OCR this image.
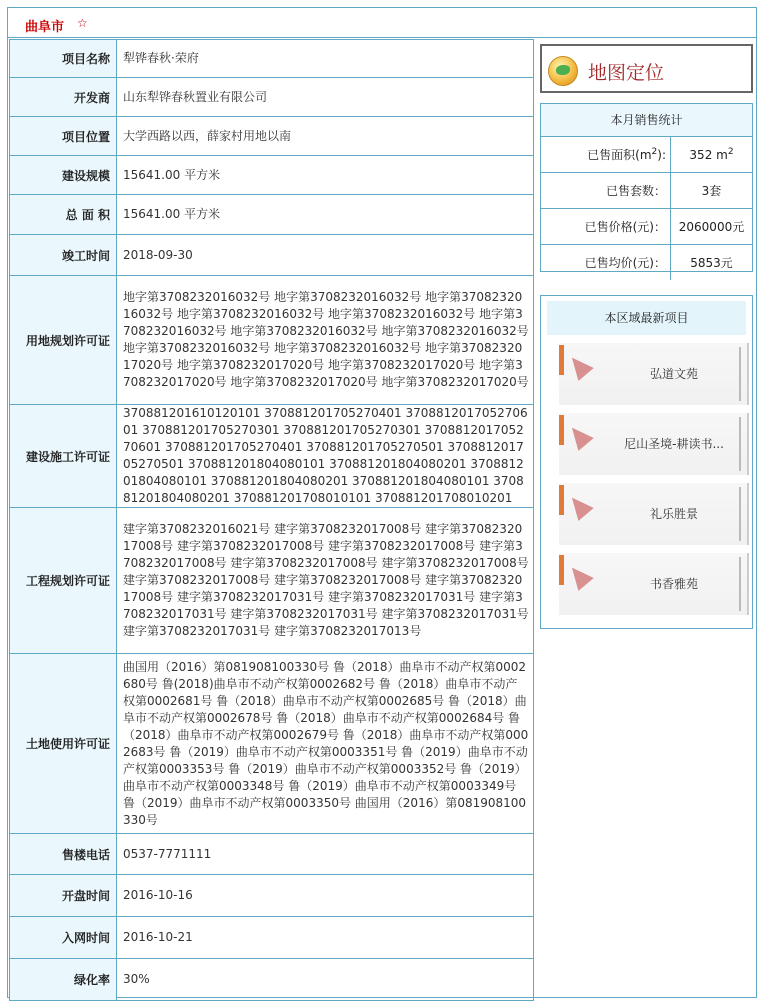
曲阜市 ☆
项目名称	犁铧春秋·荣府
开发商	山东犁铧春秋置业有限公司
项目位置	大学西路以西，薛家村用地以南
建设规模	15641.00 平方米
总 面 积	15641.00 平方米
竣工时间	2018-09-30
用地规划许可证	地字第3708232016032号 地字第3708232016032号 地字第3708232016032号 地字第3708232016032号 地字第3708232016032号 地字第3708232016032号 地字第3708232016032号 地字第3708232016032号 地字第3708232016032号 地字第3708232016032号 地字第3708232017020号 地字第3708232017020号 地字第3708232017020号 地字第3708232017020号 地字第3708232017020号 地字第3708232017020号
建设施工许可证	370881201610120101 370881201705270401 370881201705270601 370881201705270301 370881201705270301 370881201705270601 370881201705270401 370881201705270501 370881201705270501 370881201804080101 370881201804080201 370881201804080101 370881201804080201 370881201804080101 370881201804080201 370881201708010101 370881201708010201
工程规划许可证	建字第3708232016021号 建字第3708232017008号 建字第3708232017008号 建字第3708232017008号 建字第3708232017008号 建字第3708232017008号 建字第3708232017008号 建字第3708232017008号 建字第3708232017008号 建字第3708232017008号 建字第3708232017008号 建字第3708232017031号 建字第3708232017031号 建字第3708232017031号 建字第3708232017031号 建字第3708232017031号 建字第3708232017031号 建字第3708232017013号
土地使用许可证	曲国用（2016）第081908100330号 鲁（2018）曲阜市不动产权第0002680号 鲁(2018)曲阜市不动产权第0002682号 鲁（2018）曲阜市不动产权第0002681号 鲁（2018）曲阜市不动产权第0002685号 鲁（2018）曲阜市不动产权第0002678号 鲁（2018）曲阜市不动产权第0002684号 鲁（2018）曲阜市不动产权第0002679号 鲁（2018）曲阜市不动产权第0002683号 鲁（2019）曲阜市不动产权第0003351号 鲁（2019）曲阜市不动产权第0003353号 鲁（2019）曲阜市不动产权第0003352号 鲁（2019）曲阜市不动产权第0003348号 鲁（2019）曲阜市不动产权第0003349号 鲁（2019）曲阜市不动产权第0003350号 曲国用（2016）第081908100330号
售楼电话	0537-7771111
开盘时间	2016-10-16
入网时间	2016-10-21
绿化率	30%
地图定位
本月销售统计
已售面积$(m^2)$:	352 $m^2$
已售套数：	3套
已售价格(元)：	2060000元
已售均价(元)：	5853元
本区域最新项目
弘道文苑
尼山圣境-耕读书...
礼乐胜景
书香雅苑
